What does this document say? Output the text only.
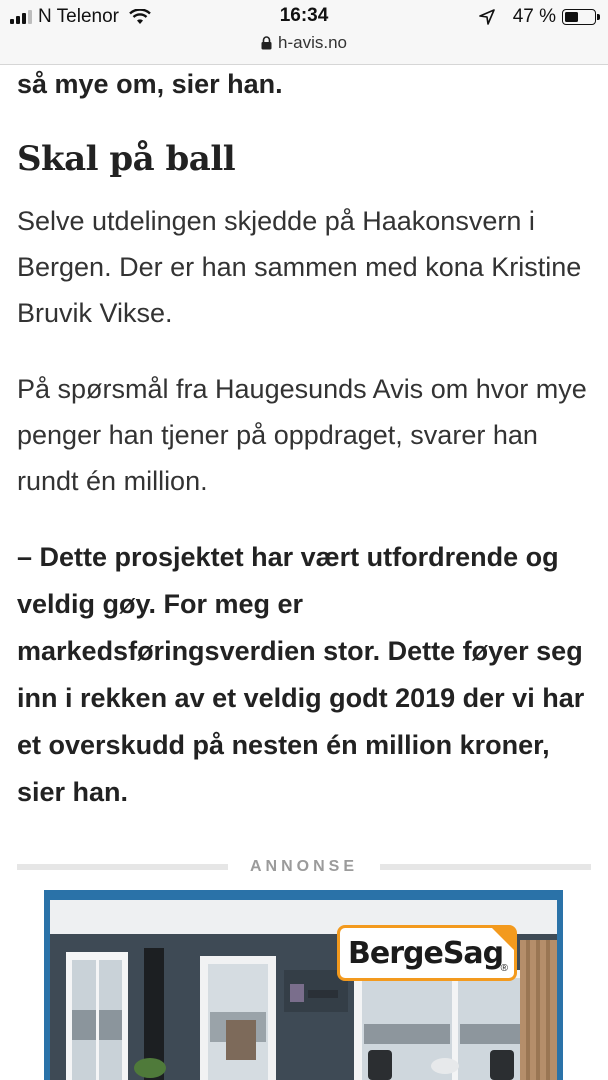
N Telenor	16:34	47 %
h-avis.no

så mye om, sier han.

Skal på ball

Selve utdelingen skjedde på Haakonsvern i Bergen. Der er han sammen med kona Kristine Bruvik Vikse.

På spørsmål fra Haugesunds Avis om hvor mye penger han tjener på oppdraget, svarer han rundt én million.

– Dette prosjektet har vært utfordrende og veldig gøy. For meg er markedsføringsverdien stor. Dette føyer seg inn i rekken av et veldig godt 2019 der vi har et overskudd på nesten én million kroner, sier han.

ANNONSE
BergeSag
®
